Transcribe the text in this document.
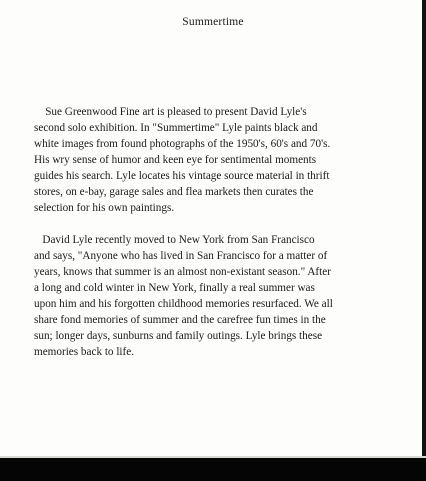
Summertime

Sue Greenwood Fine art is pleased to present David Lyle's
second solo exhibition. In "Summertime" Lyle paints black and
white images from found photographs of the 1950's, 60's and 70's.
His wry sense of humor and keen eye for sentimental moments
guides his search. Lyle locates his vintage source material in thrift
stores, on e-bay, garage sales and flea markets then curates the
selection for his own paintings.

David Lyle recently moved to New York from San Francisco
and says, "Anyone who has lived in San Francisco for a matter of
years, knows that summer is an almost non-existant season." After
a long and cold winter in New York, finally a real summer was
upon him and his forgotten childhood memories resurfaced. We all
share fond memories of summer and the carefree fun times in the
sun; longer days, sunburns and family outings. Lyle brings these
memories back to life.
